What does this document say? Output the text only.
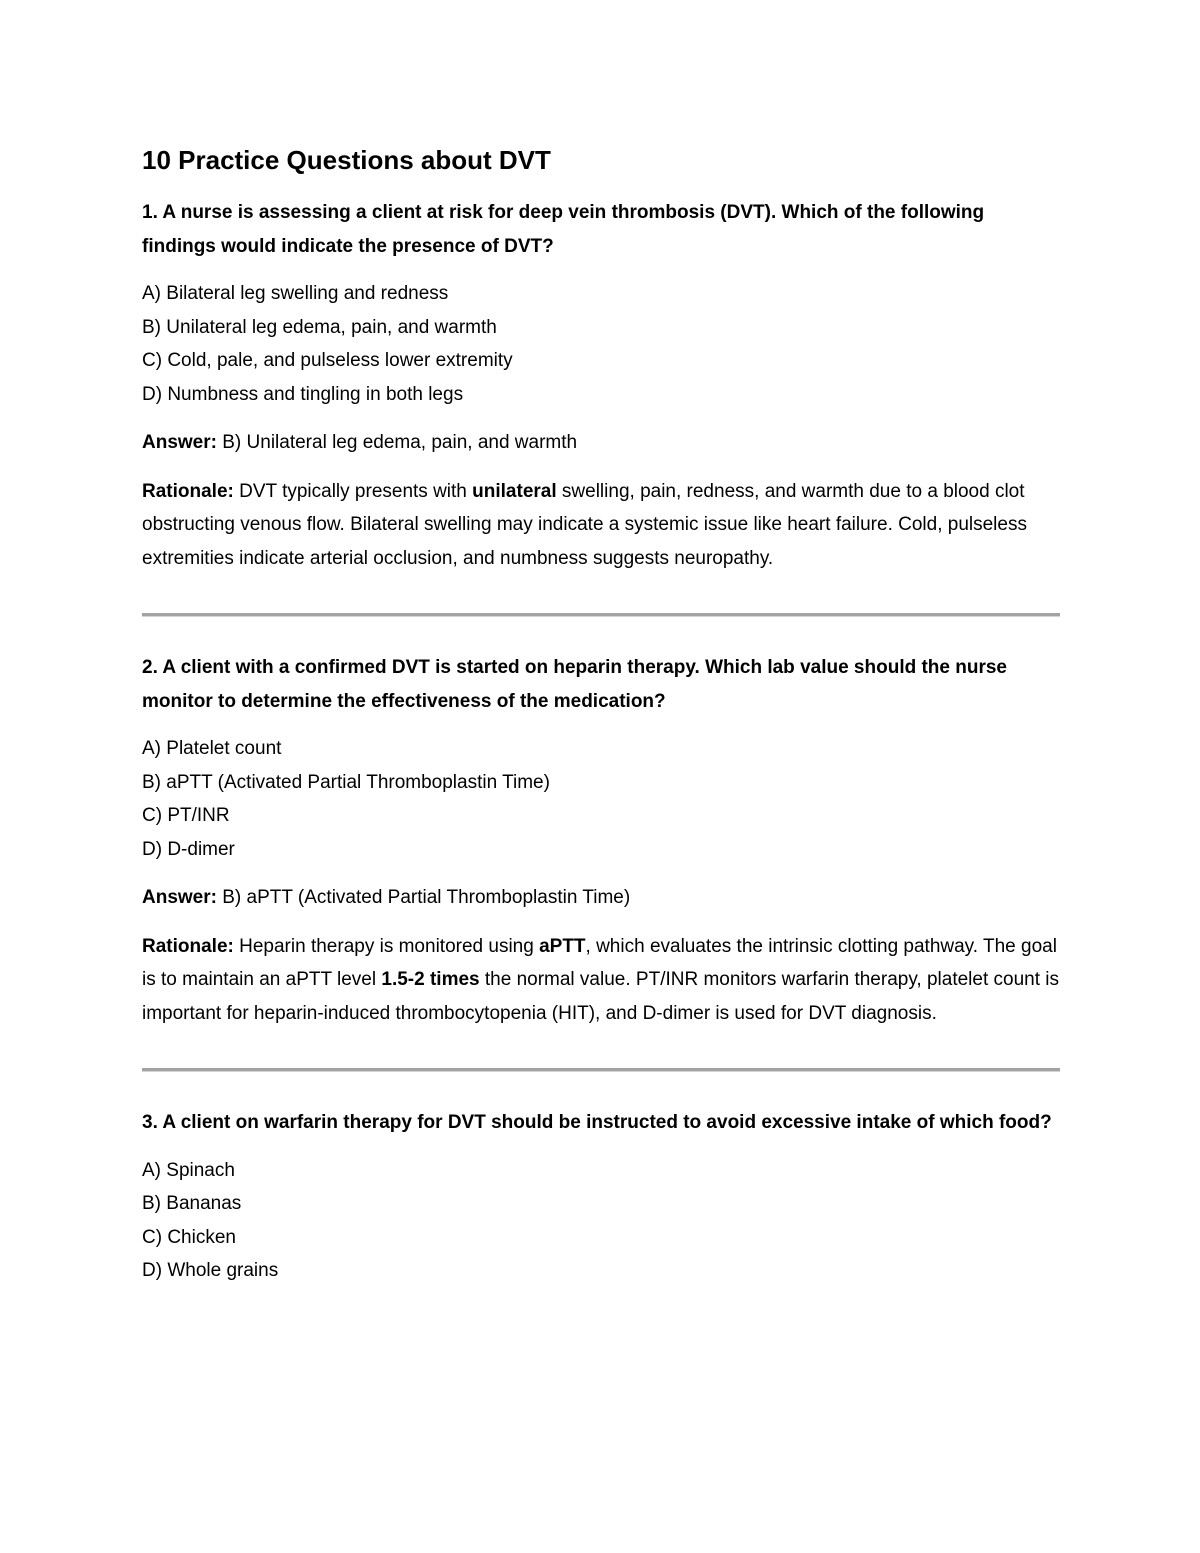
10 Practice Questions about DVT

1. A nurse is assessing a client at risk for deep vein thrombosis (DVT). Which of the following findings would indicate the presence of DVT?

A) Bilateral leg swelling and redness
B) Unilateral leg edema, pain, and warmth
C) Cold, pale, and pulseless lower extremity
D) Numbness and tingling in both legs

Answer: B) Unilateral leg edema, pain, and warmth

Rationale: DVT typically presents with unilateral swelling, pain, redness, and warmth due to a blood clot obstructing venous flow. Bilateral swelling may indicate a systemic issue like heart failure. Cold, pulseless extremities indicate arterial occlusion, and numbness suggests neuropathy.

2. A client with a confirmed DVT is started on heparin therapy. Which lab value should the nurse monitor to determine the effectiveness of the medication?

A) Platelet count
B) aPTT (Activated Partial Thromboplastin Time)
C) PT/INR
D) D-dimer

Answer: B) aPTT (Activated Partial Thromboplastin Time)

Rationale: Heparin therapy is monitored using aPTT, which evaluates the intrinsic clotting pathway. The goal is to maintain an aPTT level 1.5-2 times the normal value. PT/INR monitors warfarin therapy, platelet count is important for heparin-induced thrombocytopenia (HIT), and D-dimer is used for DVT diagnosis.

3. A client on warfarin therapy for DVT should be instructed to avoid excessive intake of which food?

A) Spinach
B) Bananas
C) Chicken
D) Whole grains
